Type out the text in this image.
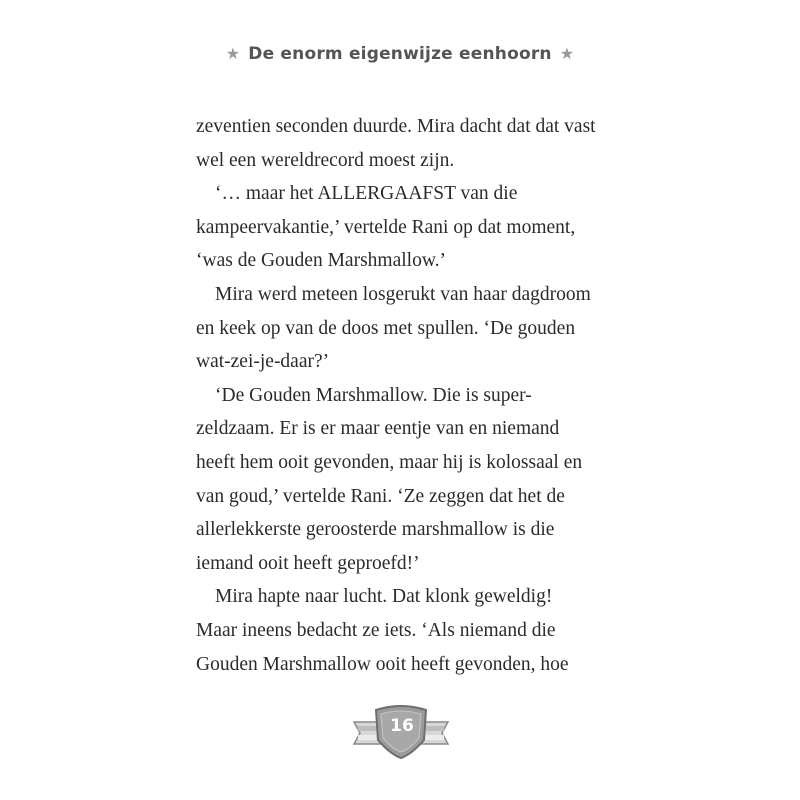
★ De enorm eigenwijze eenhoorn ★

zeventien seconden duurde. Mira dacht dat dat vast

wel een wereldrecord moest zijn.

‘… maar het ALLERGAAFST van die

kampeervakantie,’ vertelde Rani op dat moment,

‘was de Gouden Marshmallow.’

Mira werd meteen losgerukt van haar dagdroom

en keek op van de doos met spullen. ‘De gouden

wat-zei-je-daar?’

‘De Gouden Marshmallow. Die is super-

zeldzaam. Er is er maar eentje van en niemand

heeft hem ooit gevonden, maar hij is kolossaal en

van goud,’ vertelde Rani. ‘Ze zeggen dat het de

allerlekkerste geroosterde marshmallow is die

iemand ooit heeft geproefd!’

Mira hapte naar lucht. Dat klonk geweldig!

Maar ineens bedacht ze iets. ‘Als niemand die

Gouden Marshmallow ooit heeft gevonden, hoe

16
